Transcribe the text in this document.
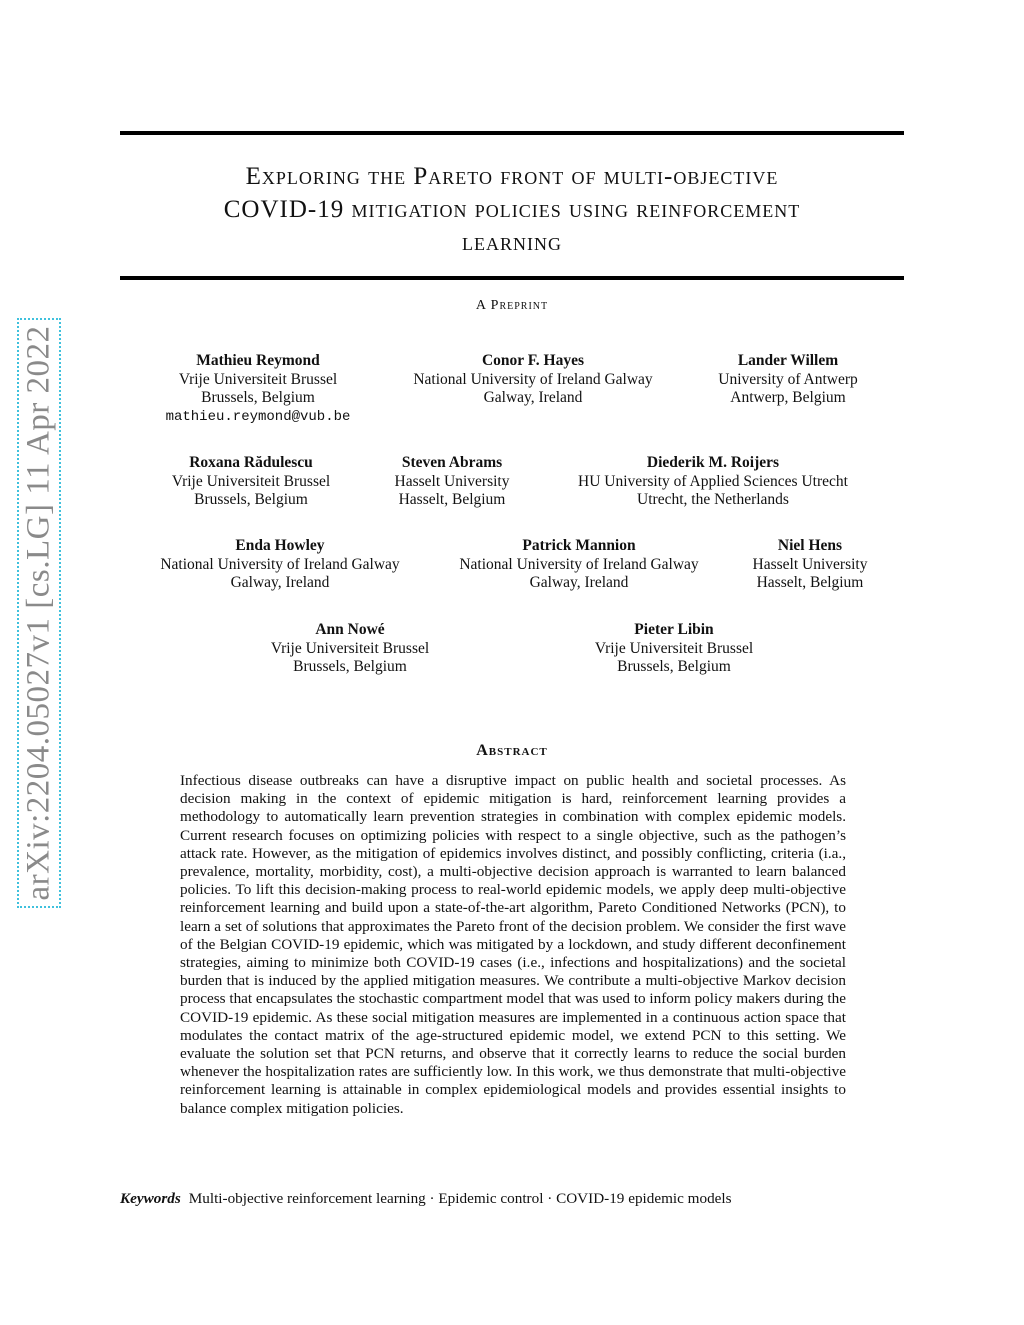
Exploring the Pareto front of multi-objective
COVID-19 mitigation policies using reinforcement
learning
A Preprint
Mathieu Reymond
Vrije Universiteit Brussel
Brussels, Belgium
mathieu.reymond@vub.be
Conor F. Hayes
National University of Ireland Galway
Galway, Ireland
Lander Willem
University of Antwerp
Antwerp, Belgium
Roxana Rădulescu
Vrije Universiteit Brussel
Brussels, Belgium
Steven Abrams
Hasselt University
Hasselt, Belgium
Diederik M. Roijers
HU University of Applied Sciences Utrecht
Utrecht, the Netherlands
Enda Howley
National University of Ireland Galway
Galway, Ireland
Patrick Mannion
National University of Ireland Galway
Galway, Ireland
Niel Hens
Hasselt University
Hasselt, Belgium
Ann Nowé
Vrije Universiteit Brussel
Brussels, Belgium
Pieter Libin
Vrije Universiteit Brussel
Brussels, Belgium
Abstract
Infectious disease outbreaks can have a disruptive impact on public health and societal processes. As decision making in the context of epidemic mitigation is hard, reinforcement learning provides a methodology to automatically learn prevention strategies in combination with complex epidemic models. Current research focuses on optimizing policies with respect to a single objective, such as the pathogen’s attack rate. However, as the mitigation of epidemics involves distinct, and possibly conflicting, criteria (i.a., prevalence, mortality, morbidity, cost), a multi-objective decision approach is warranted to learn balanced policies. To lift this decision-making process to real-world epidemic models, we apply deep multi-objective reinforcement learning and build upon a state-of-the-art algorithm, Pareto Conditioned Networks (PCN), to learn a set of solutions that approximates the Pareto front of the decision problem. We consider the first wave of the Belgian COVID-19 epidemic, which was mitigated by a lockdown, and study different deconfinement strategies, aiming to minimize both COVID-19 cases (i.e., infections and hospitalizations) and the societal burden that is induced by the applied mitigation measures. We contribute a multi-objective Markov decision process that encapsulates the stochastic compartment model that was used to inform policy makers during the COVID-19 epidemic. As these social mitigation measures are implemented in a continuous action space that modulates the contact matrix of the age-structured epidemic model, we extend PCN to this setting. We evaluate the solution set that PCN returns, and observe that it correctly learns to reduce the social burden whenever the hospitalization rates are sufficiently low. In this work, we thus demonstrate that multi-objective reinforcement learning is attainable in complex epidemiological models and provides essential insights to balance complex mitigation policies.
Keywords Multi-objective reinforcement learning · Epidemic control · COVID-19 epidemic models
arXiv:2204.05027v1 [cs.LG] 11 Apr 2022
